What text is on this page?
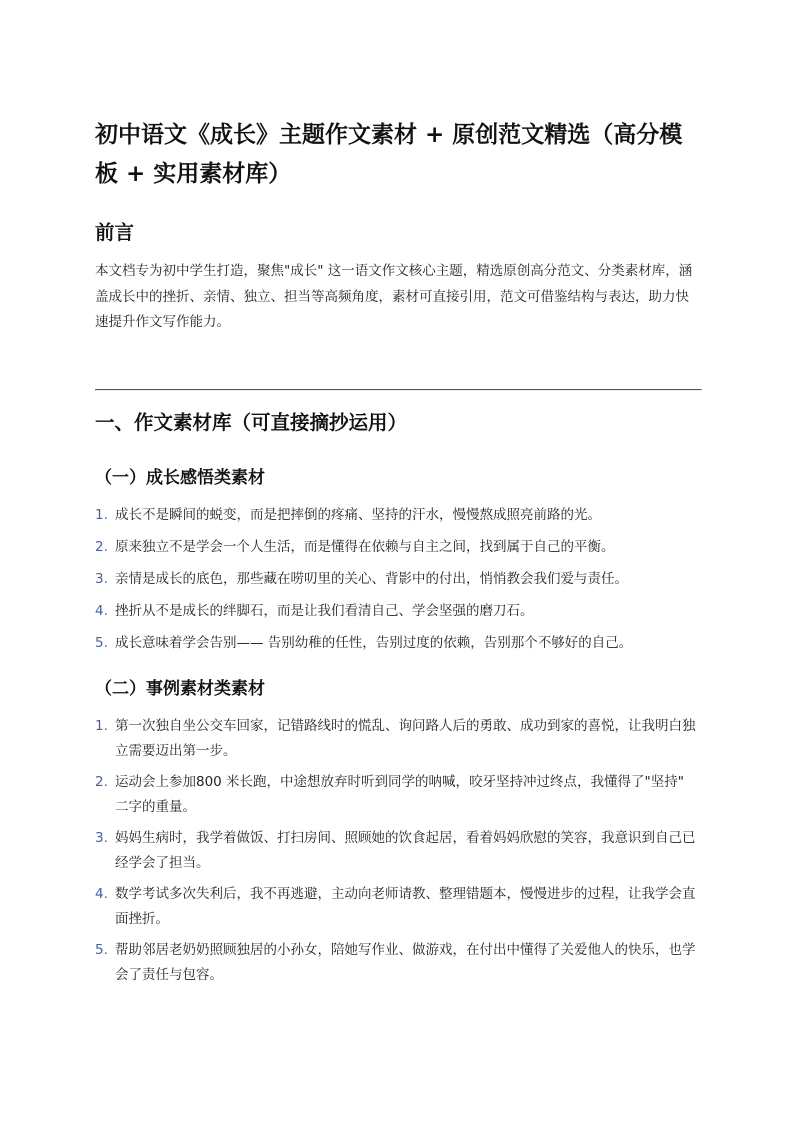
初中语文《成长》主题作文素材 + 原创范文精选（高分模板 + 实用素材库）
前言

本文档专为初中学生打造，聚焦"成长" 这一语文作文核心主题，精选原创高分范文、分类素材库，涵盖成长中的挫折、亲情、独立、担当等高频角度，素材可直接引用，范文可借鉴结构与表达，助力快速提升作文写作能力。

一、作文素材库（可直接摘抄运用）
（一）成长感悟类素材
1. 成长不是瞬间的蜕变，而是把摔倒的疼痛、坚持的汗水，慢慢熬成照亮前路的光。
2. 原来独立不是学会一个人生活，而是懂得在依赖与自主之间，找到属于自己的平衡。
3. 亲情是成长的底色，那些藏在唠叨里的关心、背影中的付出，悄悄教会我们爱与责任。
4. 挫折从不是成长的绊脚石，而是让我们看清自己、学会坚强的磨刀石。
5. 成长意味着学会告别—— 告别幼稚的任性，告别过度的依赖，告别那个不够好的自己。
（二）事例素材类素材
1. 第一次独自坐公交车回家，记错路线时的慌乱、询问路人后的勇敢、成功到家的喜悦，让我明白独立需要迈出第一步。
2. 运动会上参加800 米长跑，中途想放弃时听到同学的呐喊，咬牙坚持冲过终点，我懂得了"坚持" 二字的重量。
3. 妈妈生病时，我学着做饭、打扫房间、照顾她的饮食起居，看着妈妈欣慰的笑容，我意识到自己已经学会了担当。
4. 数学考试多次失利后，我不再逃避，主动向老师请教、整理错题本，慢慢进步的过程，让我学会直面挫折。
5. 帮助邻居老奶奶照顾独居的小孙女，陪她写作业、做游戏，在付出中懂得了关爱他人的快乐，也学会了责任与包容。
